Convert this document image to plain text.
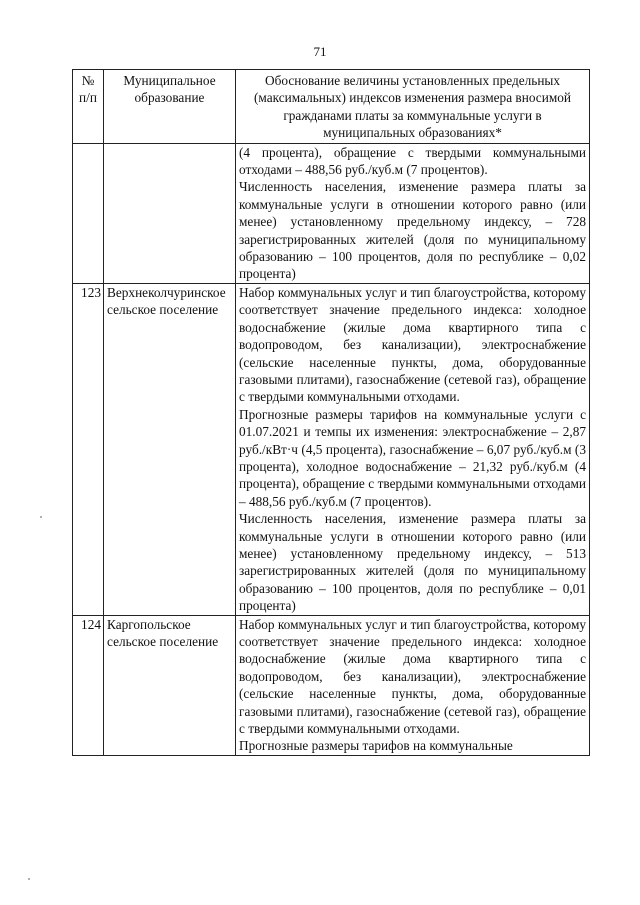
71
№ п/п	Муниципальное образование	Обоснование величины установленных предельных (максимальных) индексов изменения размера вносимой гражданами платы за коммунальные услуги в муниципальных образованиях*

		(4 процента), обращение с твердыми коммунальными отходами – 488,56 руб./куб.м (7 процентов).

Численность населения, изменение размера платы за коммунальные услуги в отношении которого равно (или менее) установленному предельному индексу, – 728 зарегистрированных жителей (доля по муниципальному образованию – 100 процентов, доля по республике – 0,02 процента)

123	Верхнеколчуринское сельское поселение	Набор коммунальных услуг и тип благоустройства, которому соответствует значение предельного индекса: холодное водоснабжение (жилые дома квартирного типа с водопроводом, без канализации), электроснабжение (сельские населенные пункты, дома, оборудованные газовыми плитами), газоснабжение (сетевой газ), обращение с твердыми коммунальными отходами.

Прогнозные размеры тарифов на коммунальные услуги с 01.07.2021 и темпы их изменения: электроснабжение – 2,87 руб./кВт·ч (4,5 процента), газоснабжение – 6,07 руб./куб.м (3 процента), холодное водоснабжение – 21,32 руб./куб.м (4 процента), обращение с твердыми коммунальными отходами – 488,56 руб./куб.м (7 процентов).

Численность населения, изменение размера платы за коммунальные услуги в отношении которого равно (или менее) установленному предельному индексу, – 513 зарегистрированных жителей (доля по муниципальному образованию – 100 процентов, доля по республике – 0,01 процента)

124	Каргопольское сельское поселение	Набор коммунальных услуг и тип благоустройства, которому соответствует значение предельного индекса: холодное водоснабжение (жилые дома квартирного типа с водопроводом, без канализации), электроснабжение (сельские населенные пункты, дома, оборудованные газовыми плитами), газоснабжение (сетевой газ), обращение с твердыми коммунальными отходами.

Прогнозные размеры тарифов на коммунальные
